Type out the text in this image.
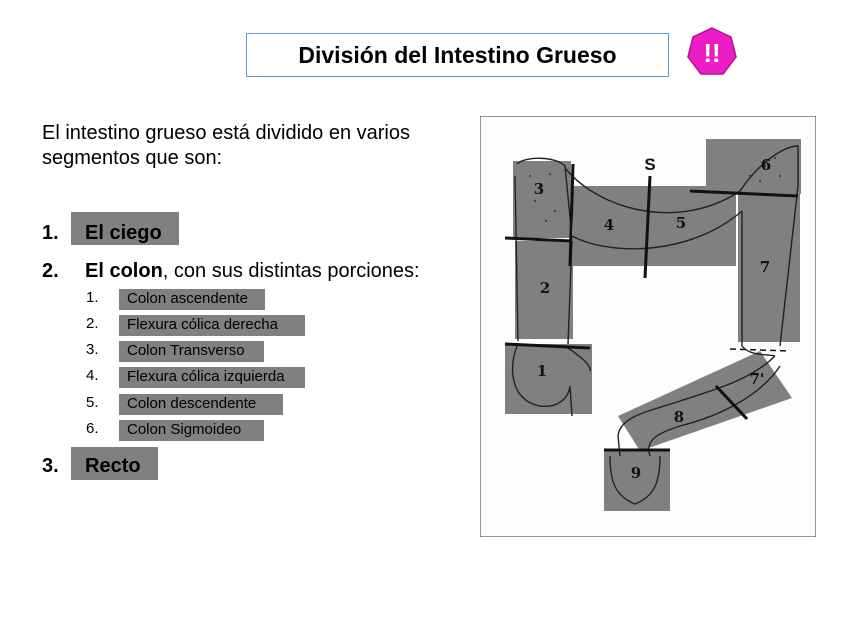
División del Intestino Grueso	!!
El intestino grueso está dividido en varios segmentos que son:
1. El ciego
2. El colon, con sus distintas porciones:
1. Colon ascendente
2. Flexura cólica derecha
3. Colon Transverso
4. Flexura cólica izquierda
5. Colon descendente
6. Colon Sigmoideo
3. Recto
3
2
1
4	5
6
7
7'
8
9
S
